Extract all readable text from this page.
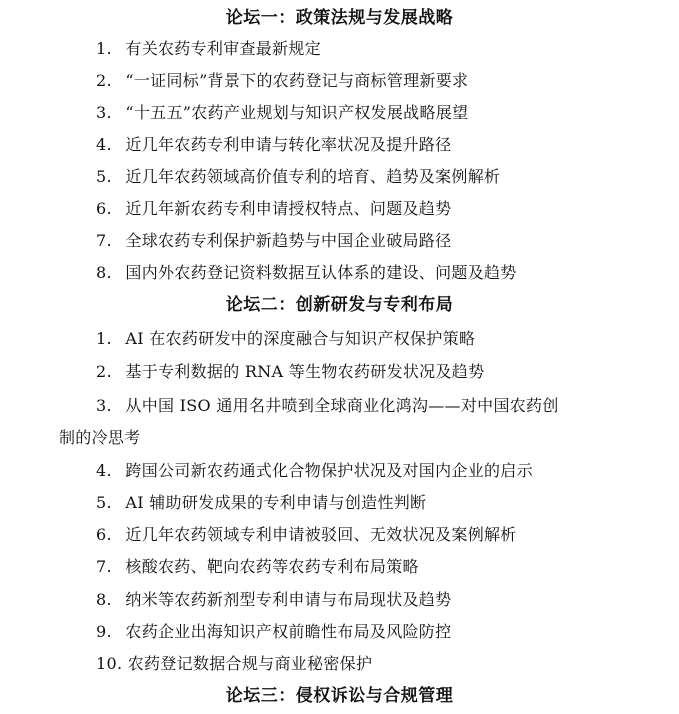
论坛一：政策法规与发展战略
1. 有关农药专利审查最新规定
2. “一证同标”背景下的农药登记与商标管理新要求
3. “十五五”农药产业规划与知识产权发展战略展望
4. 近几年农药专利申请与转化率状况及提升路径
5. 近几年农药领域高价值专利的培育、趋势及案例解析
6. 近几年新农药专利申请授权特点、问题及趋势
7. 全球农药专利保护新趋势与中国企业破局路径
8. 国内外农药登记资料数据互认体系的建设、问题及趋势
论坛二：创新研发与专利布局
1. AI 在农药研发中的深度融合与知识产权保护策略
2. 基于专利数据的 RNA 等生物农药研发状况及趋势
3. 从中国 ISO 通用名井喷到全球商业化鸿沟——对中国农药创
制的冷思考
4. 跨国公司新农药通式化合物保护状况及对国内企业的启示
5. AI 辅助研发成果的专利申请与创造性判断
6. 近几年农药领域专利申请被驳回、无效状况及案例解析
7. 核酸农药、靶向农药等农药专利布局策略
8. 纳米等农药新剂型专利申请与布局现状及趋势
9. 农药企业出海知识产权前瞻性布局及风险防控
10. 农药登记数据合规与商业秘密保护
论坛三：侵权诉讼与合规管理
